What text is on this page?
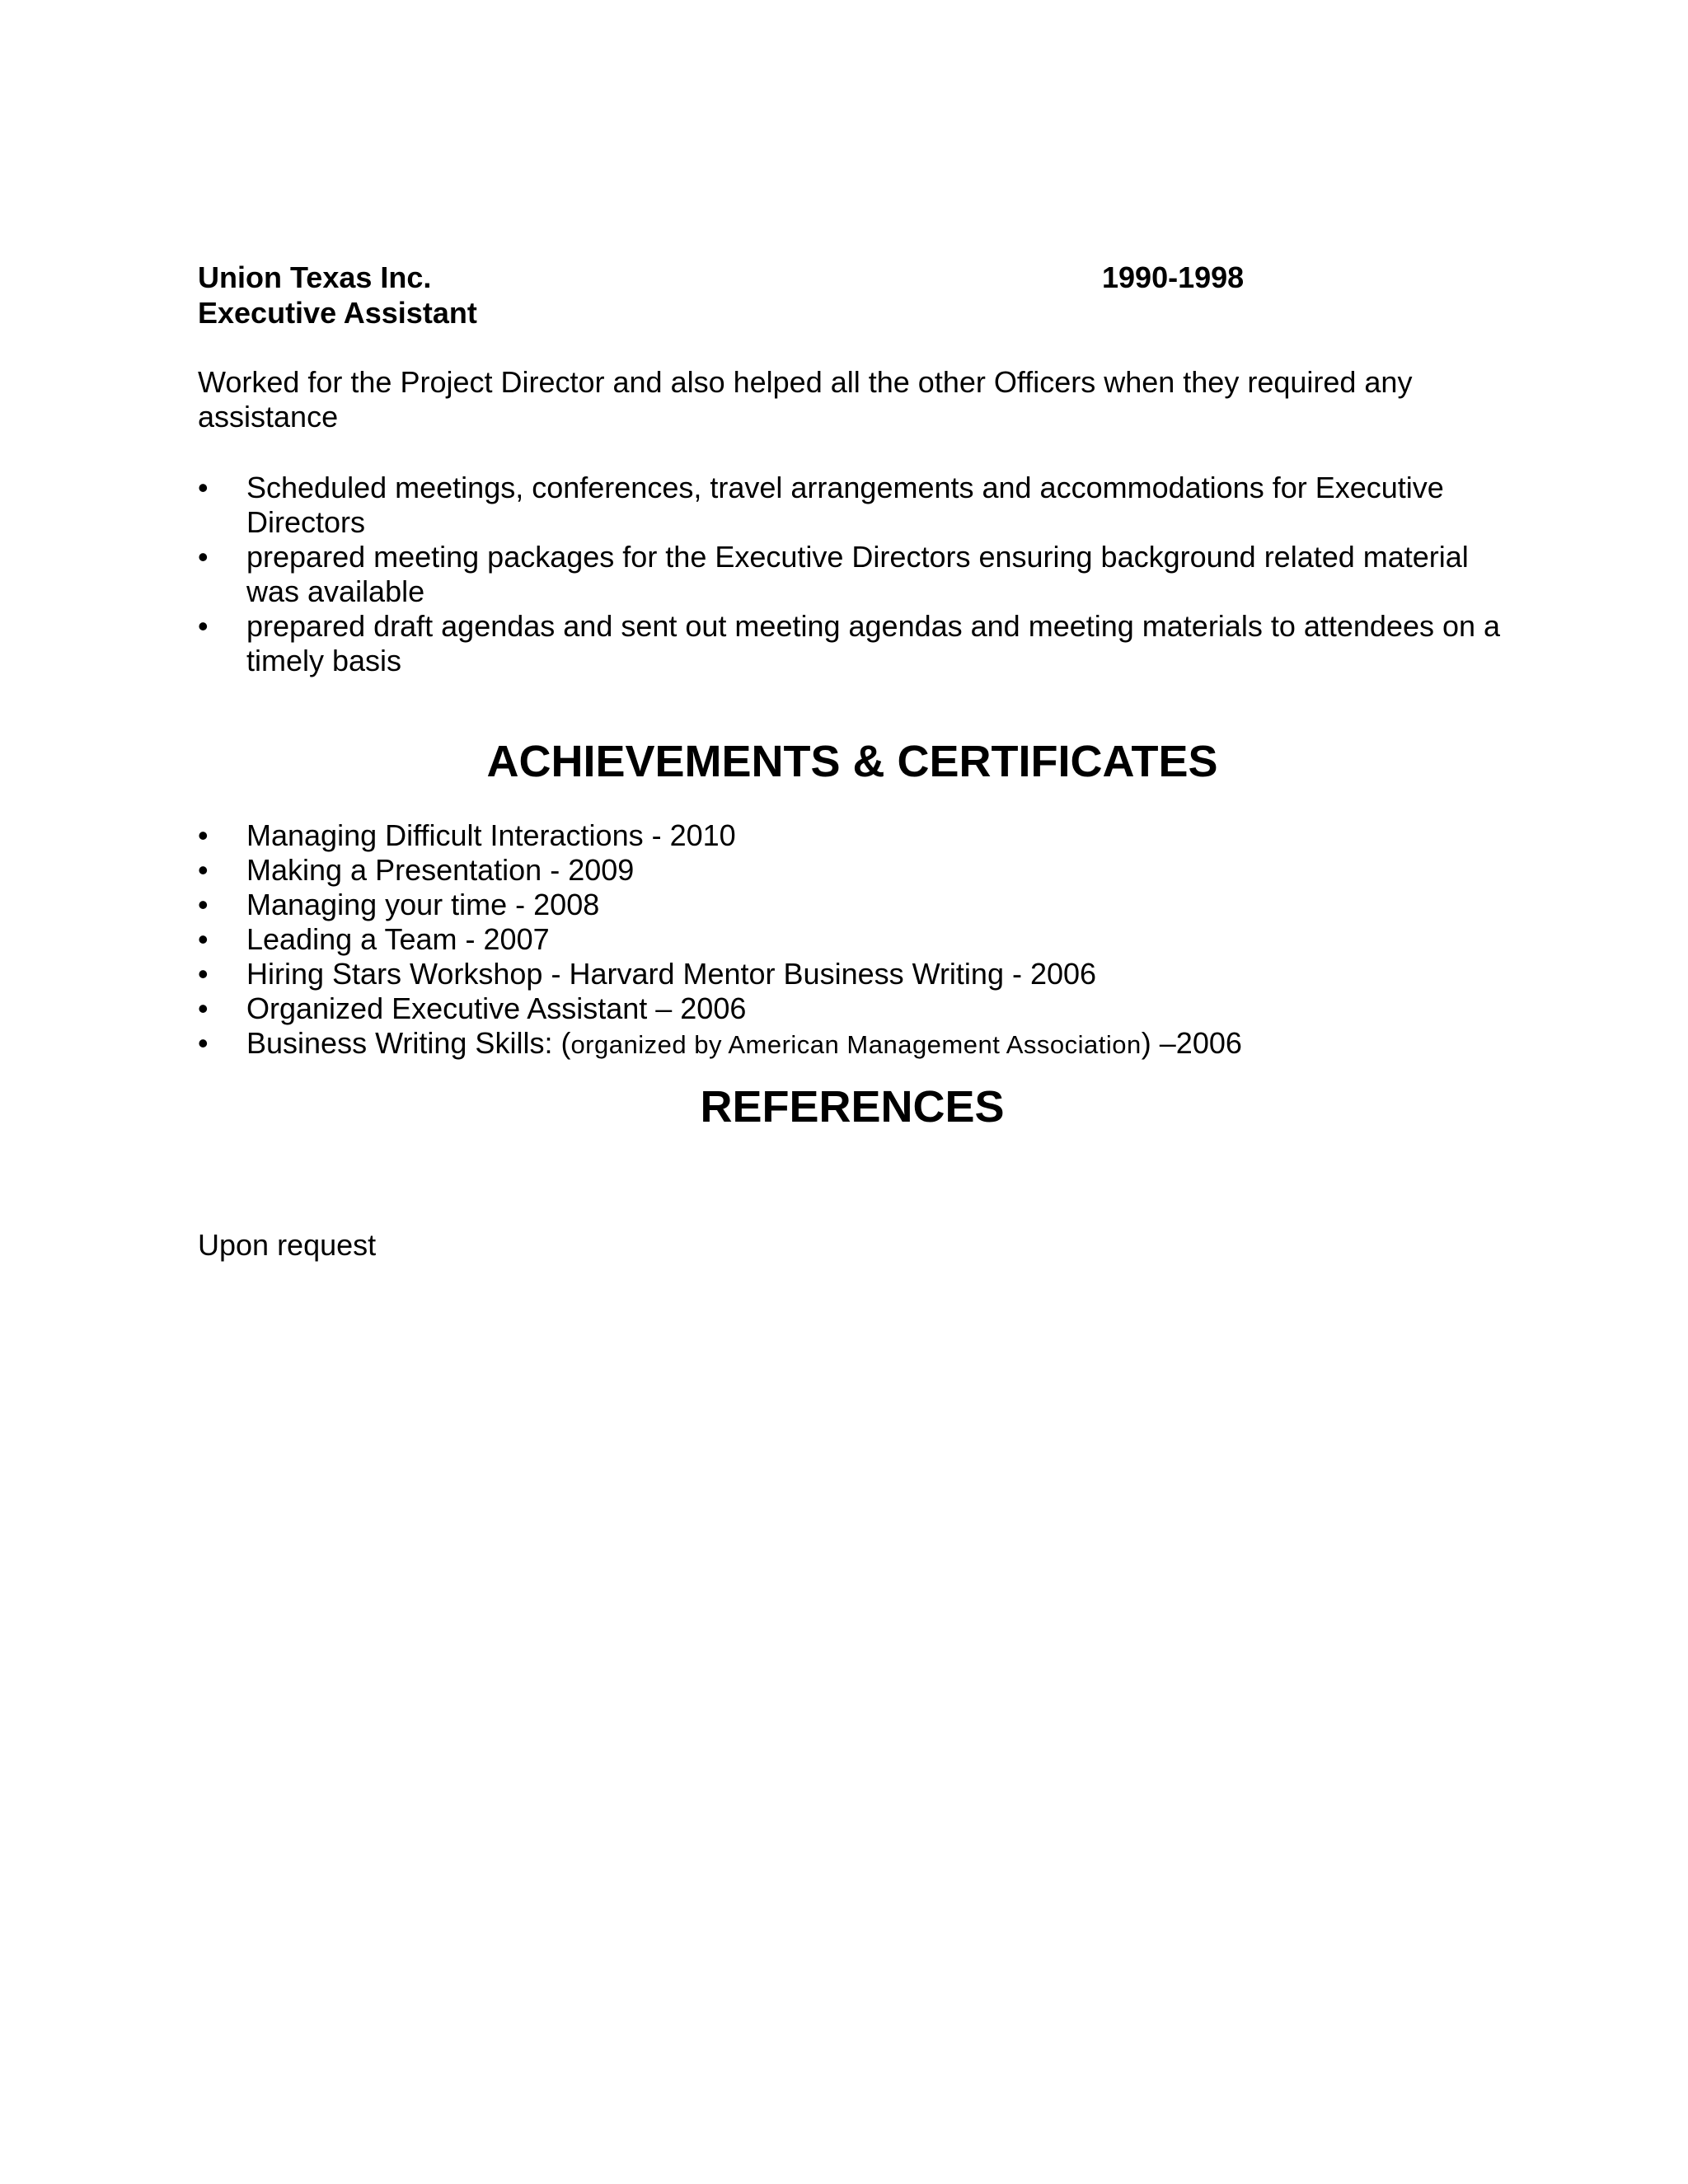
Union Texas Inc.	1990-1998
Executive Assistant

Worked for the Project Director and also helped all the other Officers when they required any assistance

• Scheduled meetings, conferences, travel arrangements and accommodations for Executive Directors
• prepared meeting packages for the Executive Directors ensuring background related material was available
• prepared draft agendas and sent out meeting agendas and meeting materials to attendees on a timely basis
ACHIEVEMENTS & CERTIFICATES
• Managing Difficult Interactions - 2010
• Making a Presentation - 2009
• Managing your time - 2008
• Leading a Team - 2007
• Hiring Stars Workshop - Harvard Mentor Business Writing - 2006
• Organized Executive Assistant – 2006
• Business Writing Skills: (organized by American Management Association) –2006
REFERENCES

Upon request
